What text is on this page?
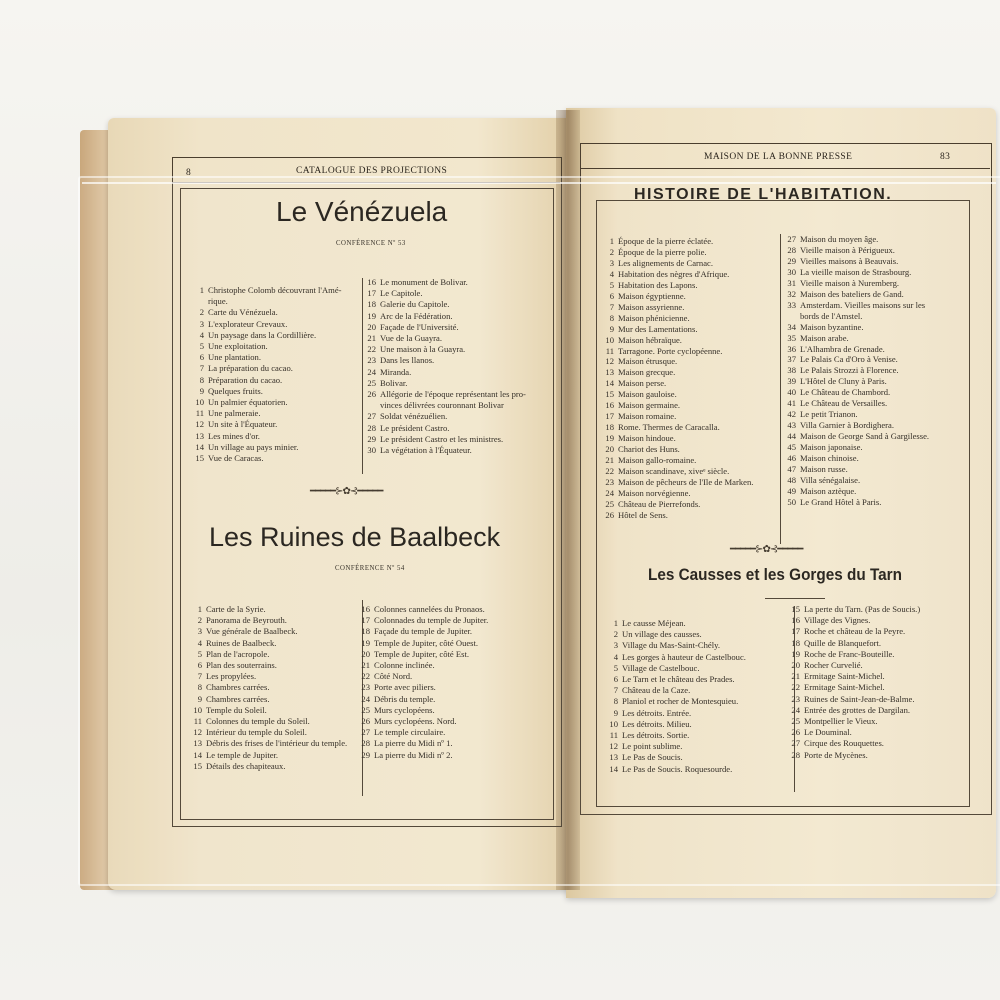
8	CATALOGUE DES PROJECTIONS
Le Vénézuela
CONFÉRENCE Nº 53
1 Christophe Colomb découvrant l'Amé-
rique.
2 Carte du Vénézuela.
3 L'explorateur Crevaux.
4 Un paysage dans la Cordillière.
5 Une exploitation.
6 Une plantation.
7 La préparation du cacao.
8 Préparation du cacao.
9 Quelques fruits.
10 Un palmier équatorien.
11 Une palmeraie.
12 Un site à l'Équateur.
13 Les mines d'or.
14 Un village au pays minier.
15 Vue de Caracas.
16 Le monument de Bolivar.
17 Le Capitole.
18 Galerie du Capitole.
19 Arc de la Fédération.
20 Façade de l'Université.
21 Vue de la Guayra.
22 Une maison à la Guayra.
23 Dans les llanos.
24 Miranda.
25 Bolivar.
26 Allégorie de l'époque représentant les pro-
vinces délivrées couronnant Bolivar
27 Soldat vénézuélien.
28 Le président Castro.
29 Le président Castro et les ministres.
30 La végétation à l'Équateur.
━━━━━⊱✿⊰━━━━━
Les Ruines de Baalbeck
CONFÉRENCE Nº 54
1 Carte de la Syrie.
2 Panorama de Beyrouth.
3 Vue générale de Baalbeck.
4 Ruines de Baalbeck.
5 Plan de l'acropole.
6 Plan des souterrains.
7 Les propylées.
8 Chambres carrées.
9 Chambres carrées.
10 Temple du Soleil.
11 Colonnes du temple du Soleil.
12 Intérieur du temple du Soleil.
13 Débris des frises de l'intérieur du temple.
14 Le temple de Jupiter.
15 Détails des chapiteaux.
16 Colonnes cannelées du Pronaos.
17 Colonnades du temple de Jupiter.
18 Façade du temple de Jupiter.
19 Temple de Jupiter, côté Ouest.
20 Temple de Jupiter, côté Est.
21 Colonne inclinée.
22 Côté Nord.
23 Porte avec piliers.
24 Débris du temple.
25 Murs cyclopéens.
26 Murs cyclopéens. Nord.
27 Le temple circulaire.
28 La pierre du Midi nº 1.
29 La pierre du Midi nº 2.
MAISON DE LA BONNE PRESSE	83
HISTOIRE DE L'HABITATION.
1 Époque de la pierre éclatée.
2 Époque de la pierre polie.
3 Les alignements de Carnac.
4 Habitation des nègres d'Afrique.
5 Habitation des Lapons.
6 Maison égyptienne.
7 Maison assyrienne.
8 Maison phénicienne.
9 Mur des Lamentations.
10 Maison hébraïque.
11 Tarragone. Porte cyclopéenne.
12 Maison étrusque.
13 Maison grecque.
14 Maison perse.
15 Maison gauloise.
16 Maison germaine.
17 Maison romaine.
18 Rome. Thermes de Caracalla.
19 Maison hindoue.
20 Chariot des Huns.
21 Maison gallo-romaine.
22 Maison scandinave, xiveᵉ siècle.
23 Maison de pêcheurs de l'Ile de Marken.
24 Maison norvégienne.
25 Château de Pierrefonds.
26 Hôtel de Sens.
27 Maison du moyen âge.
28 Vieille maison à Périgueux.
29 Vieilles maisons à Beauvais.
30 La vieille maison de Strasbourg.
31 Vieille maison à Nuremberg.
32 Maison des bateliers de Gand.
33 Amsterdam. Vieilles maisons sur les
bords de l'Amstel.
34 Maison byzantine.
35 Maison arabe.
36 L'Alhambra de Grenade.
37 Le Palais Ca d'Oro à Venise.
38 Le Palais Strozzi à Florence.
39 L'Hôtel de Cluny à Paris.
40 Le Château de Chambord.
41 Le Château de Versailles.
42 Le petit Trianon.
43 Villa Garnier à Bordighera.
44 Maison de George Sand à Gargilesse.
45 Maison japonaise.
46 Maison chinoise.
47 Maison russe.
48 Villa sénégalaise.
49 Maison aztèque.
50 Le Grand Hôtel à Paris.
━━━━━⊱✿⊰━━━━━
Les Causses et les Gorges du Tarn
1 Le causse Méjean.
2 Un village des causses.
3 Village du Mas-Saint-Chély.
4 Les gorges à hauteur de Castelbouc.
5 Village de Castelbouc.
6 Le Tarn et le château des Prades.
7 Château de la Caze.
8 Planiol et rocher de Montesquieu.
9 Les détroits. Entrée.
10 Les détroits. Milieu.
11 Les détroits. Sortie.
12 Le point sublime.
13 Le Pas de Soucis.
14 Le Pas de Soucis. Roquesourde.
15 La perte du Tarn. (Pas de Soucis.)
16 Village des Vignes.
17 Roche et château de la Peyre.
18 Quille de Blanquefort.
19 Roche de Franc-Bouteille.
20 Rocher Curvelié.
21 Ermitage Saint-Michel.
22 Ermitage Saint-Michel.
23 Ruines de Saint-Jean-de-Balme.
24 Entrée des grottes de Dargilan.
25 Montpellier le Vieux.
26 Le Douminal.
27 Cirque des Rouquettes.
28 Porte de Mycènes.
